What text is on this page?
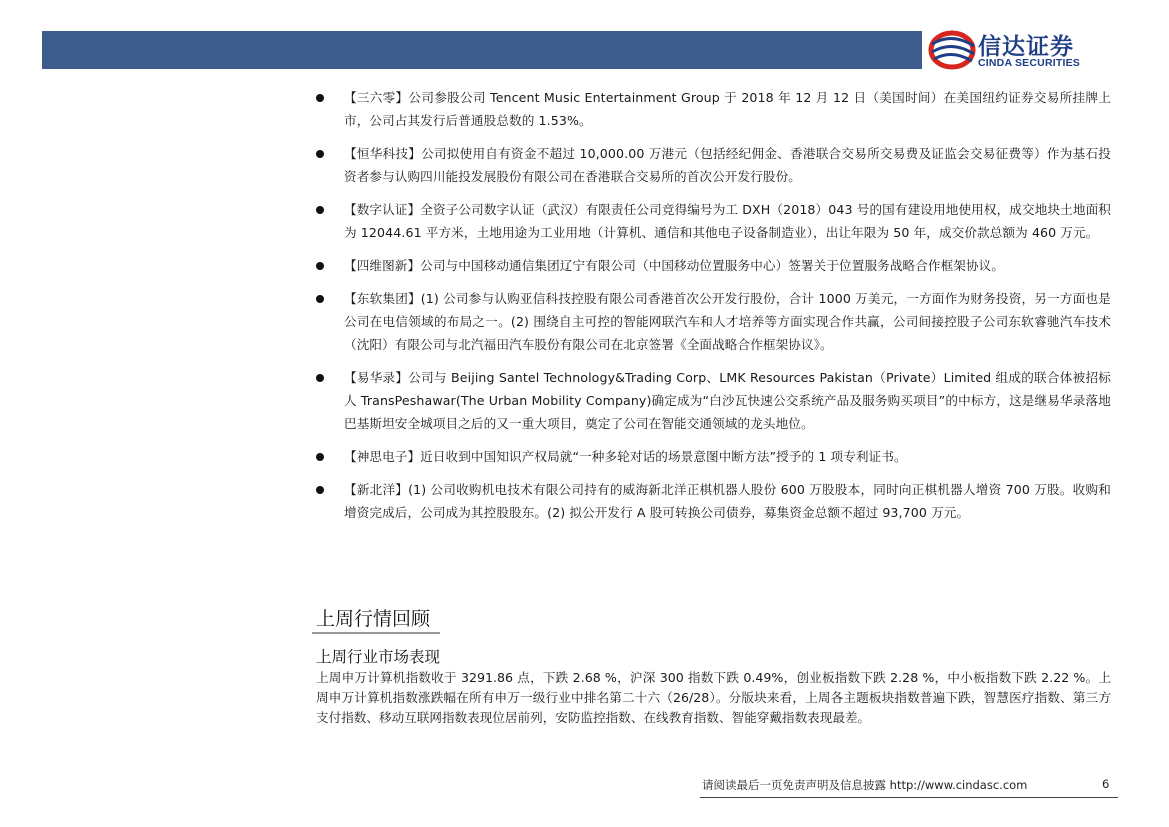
信达证券
CINDA SECURITIES
【三六零】公司参股公司 Tencent Music Entertainment Group 于 2018 年 12 月 12 日（美国时间）在美国纽约证券交易所挂牌上市，公司占其发行后普通股总数的 1.53%。
【恒华科技】公司拟使用自有资金不超过 10,000.00 万港元（包括经纪佣金、香港联合交易所交易费及证监会交易征费等）作为基石投资者参与认购四川能投发展股份有限公司在香港联合交易所的首次公开发行股份。
【数字认证】全资子公司数字认证（武汉）有限责任公司竞得编号为工 DXH（2018）043 号的国有建设用地使用权，成交地块土地面积为 12044.61 平方米，土地用途为工业用地（计算机、通信和其他电子设备制造业），出让年限为 50 年，成交价款总额为 460 万元。
【四维图新】公司与中国移动通信集团辽宁有限公司（中国移动位置服务中心）签署关于位置服务战略合作框架协议。
【东软集团】(1) 公司参与认购亚信科技控股有限公司香港首次公开发行股份，合计 1000 万美元，一方面作为财务投资，另一方面也是公司在电信领域的布局之一。(2) 围绕自主可控的智能网联汽车和人才培养等方面实现合作共赢，公司间接控股子公司东软睿驰汽车技术（沈阳）有限公司与北汽福田汽车股份有限公司在北京签署《全面战略合作框架协议》。
【易华录】公司与 Beijing Santel Technology&Trading Corp、LMK Resources Pakistan（Private）Limited 组成的联合体被招标人 TransPeshawar(The Urban Mobility Company)确定成为“白沙瓦快速公交系统产品及服务购买项目”的中标方，这是继易华录落地巴基斯坦安全城项目之后的又一重大项目，奠定了公司在智能交通领域的龙头地位。
【神思电子】近日收到中国知识产权局就“一种多轮对话的场景意图中断方法”授予的 1 项专利证书。
【新北洋】(1) 公司收购机电技术有限公司持有的威海新北洋正棋机器人股份 600 万股股本，同时向正棋机器人增资 700 万股。收购和增资完成后，公司成为其控股股东。(2) 拟公开发行 A 股可转换公司债券，募集资金总额不超过 93,700 万元。
上周行情回顾
上周行业市场表现
上周申万计算机指数收于 3291.86 点，下跌 2.68 %，沪深 300 指数下跌 0.49%，创业板指数下跌 2.28 %，中小板指数下跌 2.22 %。上周申万计算机指数涨跌幅在所有申万一级行业中排名第二十六（26/28）。分版块来看，上周各主题板块指数普遍下跌，智慧医疗指数、第三方支付指数、移动互联网指数表现位居前列，安防监控指数、在线教育指数、智能穿戴指数表现最差。
请阅读最后一页免责声明及信息披露 http://www.cindasc.com	6
